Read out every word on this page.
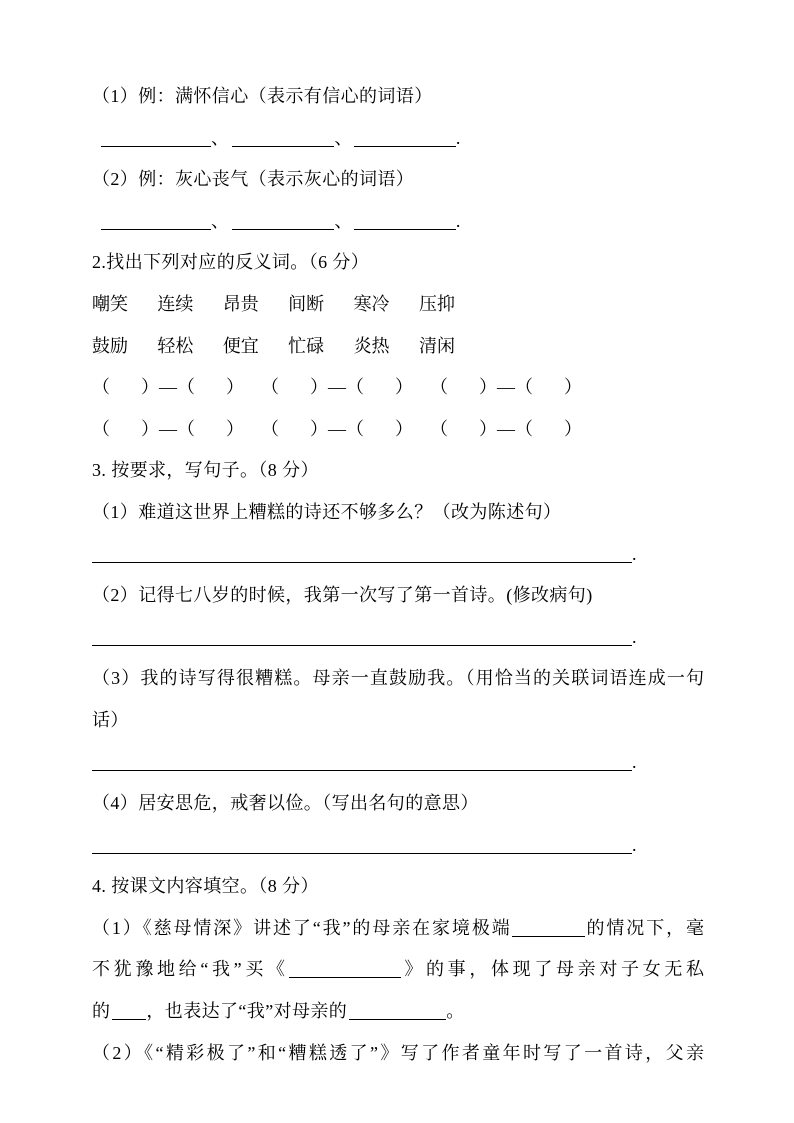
（1）例：满怀信心（表示有信心的词语）
、	、	.
（2）例：灰心丧气（表示灰心的词语）
、	、	.
2.找出下列对应的反义词。（6 分）
嘲笑 连续 昂贵 间断 寒冷 压抑
鼓励 轻松 便宜 忙碌 炎热 清闲
（ ）—（ ） （ ）—（ ） （ ）—（ ）
（ ）—（ ） （ ）—（ ） （ ）—（ ）
3. 按要求，写句子。（8 分）
（1）难道这世界上糟糕的诗还不够多么？（改为陈述句）
.
（2）记得七八岁的时候，我第一次写了第一首诗。(修改病句)
.
（3）我的诗写得很糟糕。母亲一直鼓励我。（用恰当的关联词语连成一句
话）
.
（4）居安思危，戒奢以俭。（写出名句的意思）
.
4. 按课文内容填空。（8 分）
（1）《慈母情深》讲述了“我”的母亲在家境极端	的情况下，毫
不犹豫地给“我”买《	》的事，体现了母亲对子女无私
的 ，也表达了“我”对母亲的	。
（2）《“精彩极了”和“糟糕透了”》写了作者童年时写了一首诗，父亲
